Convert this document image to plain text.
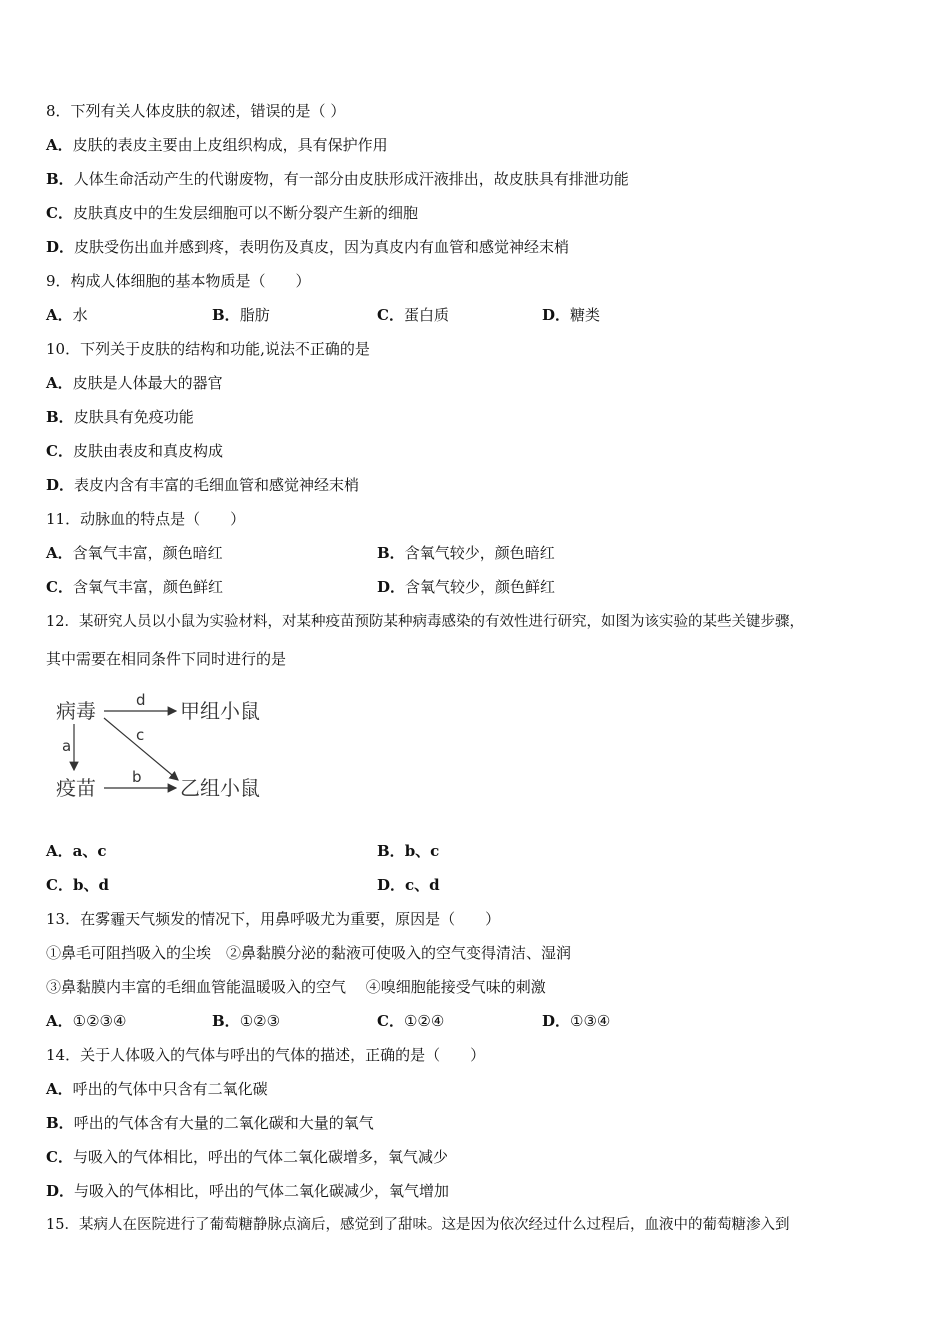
8．下列有关人体皮肤的叙述，错误的是（ ）
A．皮肤的表皮主要由上皮组织构成，具有保护作用
B．人体生命活动产生的代谢废物，有一部分由皮肤形成汗液排出，故皮肤具有排泄功能
C．皮肤真皮中的生发层细胞可以不断分裂产生新的细胞
D．皮肤受伤出血并感到疼，表明伤及真皮，因为真皮内有血管和感觉神经末梢
9．构成人体细胞的基本物质是（　　）
A．水	B．脂肪	C．蛋白质	D．糖类
10．下列关于皮肤的结构和功能,说法不正确的是
A．皮肤是人体最大的器官
B．皮肤具有免疫功能
C．皮肤由表皮和真皮构成
D．表皮内含有丰富的毛细血管和感觉神经末梢
11．动脉血的特点是（　　）
A．含氧气丰富，颜色暗红	B．含氧气较少，颜色暗红
C．含氧气丰富，颜色鲜红	D．含氧气较少，颜色鲜红
12．某研究人员以小鼠为实验材料，对某种疫苗预防某种病毒感染的有效性进行研究，如图为该实验的某些关键步骤，
其中需要在相同条件下同时进行的是
病毒	甲组小鼠
疫苗	乙组小鼠
d
a
c
b
A．a、c	B．b、c
C．b、d	D．c、d
13．在雾霾天气频发的情况下，用鼻呼吸尤为重要，原因是（　　）
①鼻毛可阻挡吸入的尘埃　②鼻黏膜分泌的黏液可使吸入的空气变得清洁、湿润
③鼻黏膜内丰富的毛细血管能温暖吸入的空气　 ④嗅细胞能接受气味的刺激
A．①②③④	B．①②③	C．①②④	D．①③④
14．关于人体吸入的气体与呼出的气体的描述，正确的是（　　）
A．呼出的气体中只含有二氧化碳
B．呼出的气体含有大量的二氧化碳和大量的氧气
C．与吸入的气体相比，呼出的气体二氧化碳增多，氧气减少
D．与吸入的气体相比，呼出的气体二氧化碳减少，氧气增加
15．某病人在医院进行了葡萄糖静脉点滴后，感觉到了甜味。这是因为依次经过什么过程后，血液中的葡萄糖渗入到
